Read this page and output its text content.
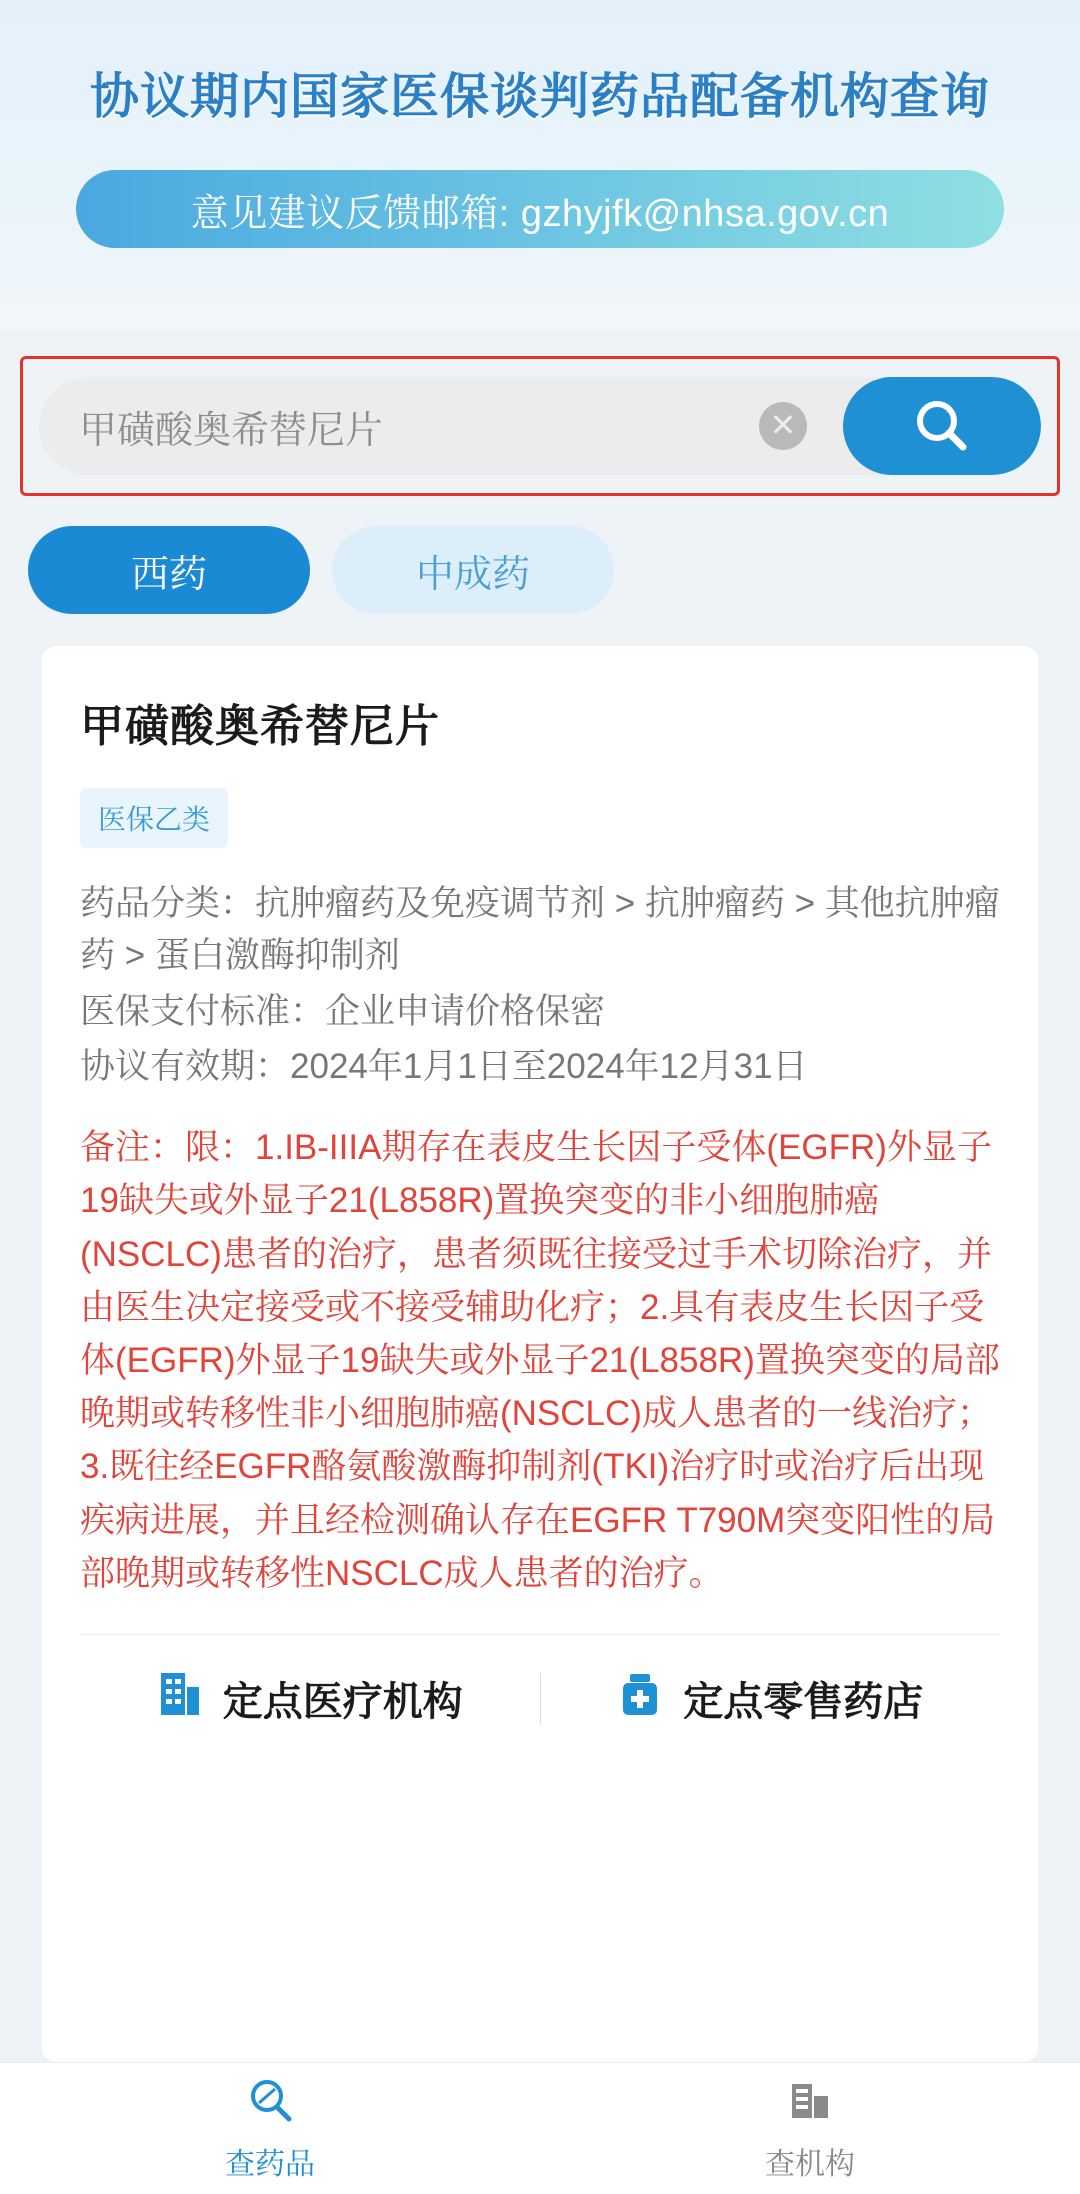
协议期内国家医保谈判药品配备机构查询
意见建议反馈邮箱: gzhyjfk@nhsa.gov.cn
甲磺酸奥希替尼片
✕
西药	中成药
甲磺酸奥希替尼片
医保乙类
药品分类：抗肿瘤药及免疫调节剂 > 抗肿瘤药 > 其他抗肿瘤药 > 蛋白激酶抑制剂
医保支付标准：企业申请价格保密
协议有效期：2024年1月1日至2024年12月31日
备注：限：1.IB-IIIA期存在表皮生长因子受体(EGFR)外显子19缺失或外显子21(L858R)置换突变的非小细胞肺癌(NSCLC)患者的治疗，患者须既往接受过手术切除治疗，并由医生决定接受或不接受辅助化疗；2.具有表皮生长因子受体(EGFR)外显子19缺失或外显子21(L858R)置换突变的局部晚期或转移性非小细胞肺癌(NSCLC)成人患者的一线治疗；3.既往经EGFR酪氨酸激酶抑制剂(TKI)治疗时或治疗后出现疾病进展，并且经检测确认存在EGFR T790M突变阳性的局部晚期或转移性NSCLC成人患者的治疗。
定点医疗机构	定点零售药店
查药品	查机构
